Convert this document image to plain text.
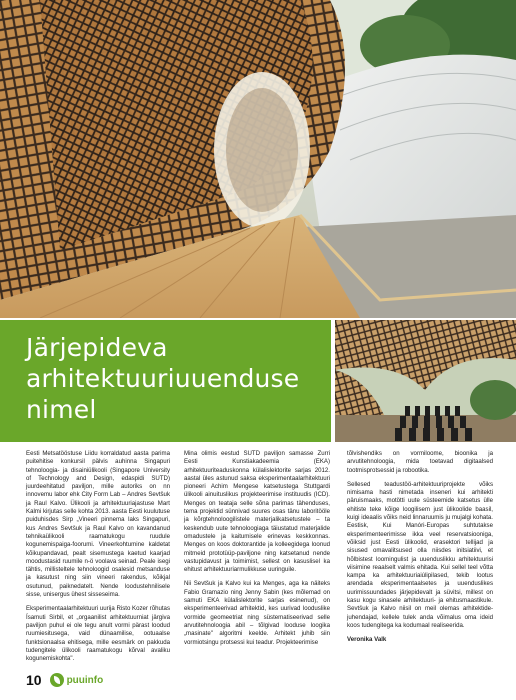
Järjepideva arhitektuuriuuenduse nimel

Eesti Metsatööstuse Liidu korraldatud aasta parima puitehitise konkursil pälvis auhinna Singapuri tehnoloogia- ja disainiülikooli (Singapore University of Technology and Design, edaspidi SUTD) juurdeehitatud paviljon, mille autoriks on nn innovemu labor ehk City Form Lab – Andres Sevtšuk ja Raul Kalvo. Ülikooli ja arhitektuuriajastuse Mart Kalmi kirjutas selle kohta 2013. aasta Eesti kuulutuse puiduhisdes Sirp „Vineeri pinnema laks Singapuri, kus Andres Sevtšuk ja Raul Kalvo on kavandanud tehnikaülikooli raamatukogu ruudule kogunemispaiga-foorumi. Vineerkohtumine kaldetat kõikupandavad, pealt sisemustega kaetud kaarjad moodustasid ruumile n-ö voolava seinad. Peale isegi tähtis, millisteltele tehnoloogid osalesid metsanduse ja kasutust ning siin vineeri rakendus, kõikjal osutunud, paiknedatelt. Nende loodustehnilisele sisse, unisergus ühest sisseseima.

Eksperimentaalarhitektuuri uurija Risto Kozer rõhutas Ísamuti Sirbil, et „orgaanilist arhitektuurniat järgiva paviljon puhul ei ole tegu anult vormi pärast loodud ruumiesitusega, vaid dünaamilise, ootuaalse funktsionaalsa ehitisega, mille eesmärk on pakkuda tudengitele ülikooli raamatukogu kõrval avaliku kogunemiskohta".

Mina olimis eestud SUTD paviljon samasse Zurri Eesti Kunstiakadeemia (EKA) arhitektuuriteaduskonna külalislektorite sarjas 2012. aastal üles astunud saksa eksperimentaalarhitektuuri pioneeri Achim Mengese katsetustega Stuttgardi ülikooli ainuituslikus projekteerimise instituudis (ICD). Menges on teataja selle sõna parimas tähenduses, tema projektid sünnivad suures osas tänu laboritööle ja kõrgtehnoloogilistele materjalikatsetustele – ta keskendub uute tehnoloogiaga täiustatud materjalide omadustele ja kaitumisele erinevas keskkonnas. Menges on koos doktorantide ja kolleegidega loonud mitmeid prototüüp-paviljone ning katsetanud nende vastupidavust ja toimimist, sellest on kasuslisel ka ehitust arhitektuuriarmulikkuse uuringuile.

Nii Sevtšuk ja Kalvo kui ka Menges, aga ka näiteks Fabio Gramazio ning Jenny Sabin (kes mõlemad on samuti EKA külalislektorite sarjas esinenud), on eksperimenteerivad arhitektid, kes uurivad looduslike vormide geomeetriat ning süstematiseerivad selle arvutitehnoloogia abil – tõlgivad looduse loogika „masinate" algoritmi keelde. Arhitekt juhib siin vormiotsingu protsessi kui teadur. Projekteerimise

tõlvishendiks on vormiloome, bioonika ja arvutitehnoloogia, mida toetavad digitaalsed tootmisprotsessid ja robootika.

Sellesed teadustöö-arhitektuuriprojekte võiks nimisama hasti nimetada inseneri kui arhitekti päruismaaks, motötti uute süsteemide katsetus ülle ehitiste teke kõige loogilisem just ülikoolide baasil, kuigi ideaalis võiks neid linnaruumis ju mujalgi kohata. Eestisk, Kui Manóri-Europas suhtutakse eksperimenteerimisse ikka veel reservatsiooniga, võiksid just Eesti ülikoolid, erasektori tellijad ja sisused omavalitsused olla niisdes initsiatiivi, et hõlbistest loomingulist ja uuenduslikku arhitektuurisi viisimine reaalselt valmis ehitada. Kui sellel teel võtta kampa ka arhitektuuriaiúlipilased, tekib lootus arendada eksperimentaalsetes ja uuenduslikes uurimissuundades järjepidevalt ja süvitsi, millest on kasu kogu sinasele arhitektuuri- ja ehitusmaastikule. Sevtšuk ja Kalvo niisil on meil olemas arhitektide-juhendajad, kellele tulek anda võimalus oma ideid koos tudengitega ka kodumaal realiseerida.

Veronika Valk

10	puuinfo
